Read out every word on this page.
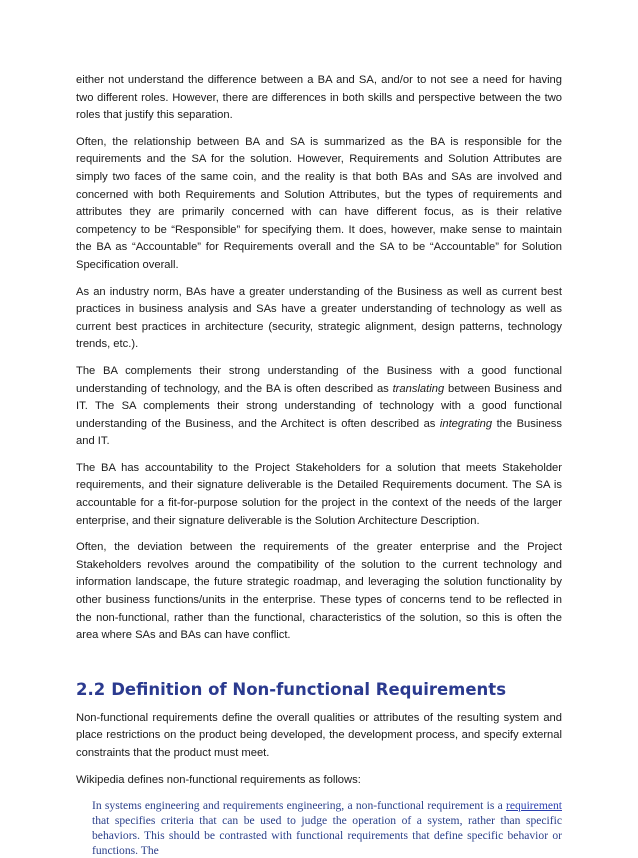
either not understand the difference between a BA and SA, and/or to not see a need for having two different roles. However, there are differences in both skills and perspective between the two roles that justify this separation.

Often, the relationship between BA and SA is summarized as the BA is responsible for the requirements and the SA for the solution. However, Requirements and Solution Attributes are simply two faces of the same coin, and the reality is that both BAs and SAs are involved and concerned with both Requirements and Solution Attributes, but the types of requirements and attributes they are primarily concerned with can have different focus, as is their relative competency to be “Responsible” for specifying them. It does, however, make sense to maintain the BA as “Accountable” for Requirements overall and the SA to be “Accountable” for Solution Specification overall.

As an industry norm, BAs have a greater understanding of the Business as well as current best practices in business analysis and SAs have a greater understanding of technology as well as current best practices in architecture (security, strategic alignment, design patterns, technology trends, etc.).

The BA complements their strong understanding of the Business with a good functional understanding of technology, and the BA is often described as translating between Business and IT. The SA complements their strong understanding of technology with a good functional understanding of the Business, and the Architect is often described as integrating the Business and IT.

The BA has accountability to the Project Stakeholders for a solution that meets Stakeholder requirements, and their signature deliverable is the Detailed Requirements document. The SA is accountable for a fit-for-purpose solution for the project in the context of the needs of the larger enterprise, and their signature deliverable is the Solution Architecture Description.

Often, the deviation between the requirements of the greater enterprise and the Project Stakeholders revolves around the compatibility of the solution to the current technology and information landscape, the future strategic roadmap, and leveraging the solution functionality by other business functions/units in the enterprise. These types of concerns tend to be reflected in the non-functional, rather than the functional, characteristics of the solution, so this is often the area where SAs and BAs can have conflict.

2.2 Definition of Non-functional Requirements

Non-functional requirements define the overall qualities or attributes of the resulting system and place restrictions on the product being developed, the development process, and specify external constraints that the product must meet.

Wikipedia defines non-functional requirements as follows:

In systems engineering and requirements engineering, a non-functional requirement is a requirement that specifies criteria that can be used to judge the operation of a system, rather than specific behaviors. This should be contrasted with functional requirements that define specific behavior or functions. The
